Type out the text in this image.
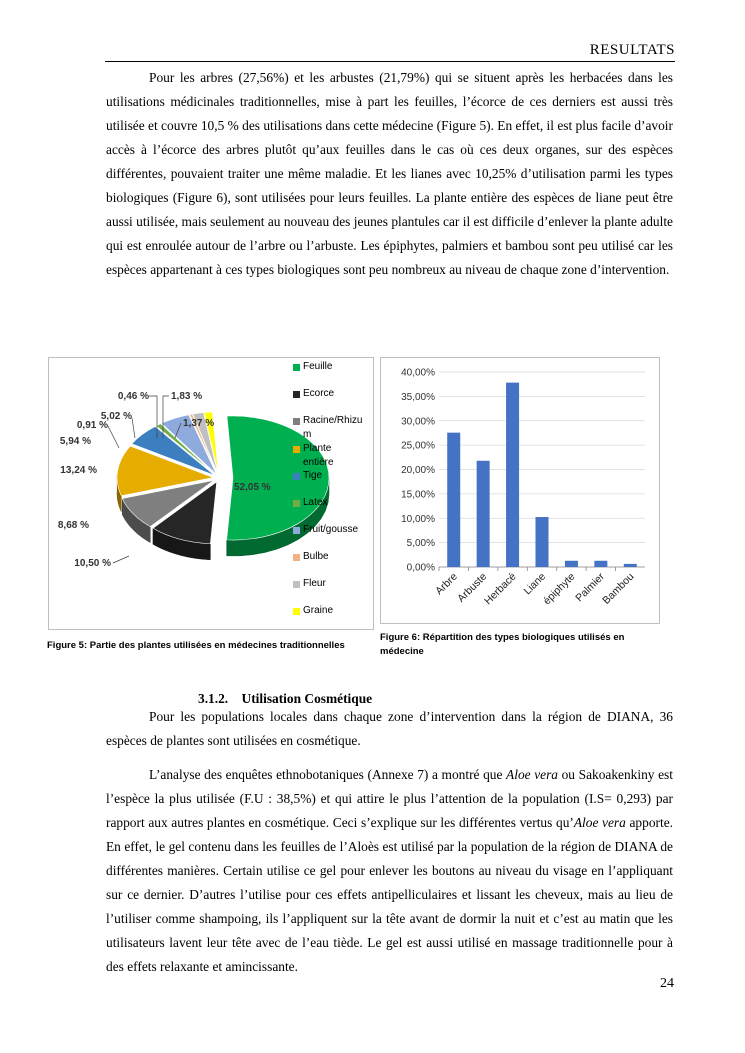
RESULTATS

Pour les arbres (27,56%) et les arbustes (21,79%) qui se situent après les herbacées dans les utilisations médicinales traditionnelles, mise à part les feuilles, l’écorce de ces derniers est aussi très utilisée et couvre 10,5 % des utilisations dans cette médecine (Figure 5). En effet, il est plus facile d’avoir accès à l’écorce des arbres plutôt qu’aux feuilles dans le cas où ces deux organes, sur des espèces différentes, pouvaient traiter une même maladie. Et les lianes avec 10,25% d’utilisation parmi les types biologiques (Figure 6), sont utilisées pour leurs feuilles. La plante entière des espèces de liane peut être aussi utilisée, mais seulement au nouveau des jeunes plantules car il est difficile d’enlever la plante adulte qui est enroulée autour de l’arbre ou l’arbuste. Les épiphytes, palmiers et bambou sont peu utilisé car les espèces appartenant à ces types biologiques sont peu nombreux au niveau de chaque zone d’intervention.

52,05 %
10,50 %
8,68 %
13,24 %
5,94 %
0,91 %
5,02 %
0,46 % 1,83 %
1,37 %
Feuille
Ecorce
Racine/Rhizum
Plante entière
Tige
Latex
Fruit/gousse
Bulbe
Fleur
Graine
Figure 5: Partie des plantes utilisées en médecines traditionnelles
0,00%
5,00%
10,00%
15,00%
20,00%
25,00%
30,00%
35,00%
40,00%
Arbre
Arbuste
Herbacé Liane
épiphyte
Palmier
Bambou
Figure 6: Répartition des types biologiques utilisés en médecine
3.1.2. Utilisation Cosmétique

Pour les populations locales dans chaque zone d’intervention dans la région de DIANA, 36 espèces de plantes sont utilisées en cosmétique.

L’analyse des enquêtes ethnobotaniques (Annexe 7) a montré que Aloe vera ou Sakoakenkiny est l’espèce la plus utilisée (F.U : 38,5%) et qui attire le plus l’attention de la population (I.S= 0,293) par rapport aux autres plantes en cosmétique. Ceci s’explique sur les différentes vertus qu’Aloe vera apporte. En effet, le gel contenu dans les feuilles de l’Aloès est utilisé par la population de la région de DIANA de différentes manières. Certain utilise ce gel pour enlever les boutons au niveau du visage en l’appliquant sur ce dernier. D’autres l’utilise pour ces effets antipelliculaires et lissant les cheveux, mais au lieu de l’utiliser comme shampoing, ils l’appliquent sur la tête avant de dormir la nuit et c’est au matin que les utilisateurs lavent leur tête avec de l’eau tiède. Le gel est aussi utilisé en massage traditionnelle pour à des effets relaxante et amincissante.

24
